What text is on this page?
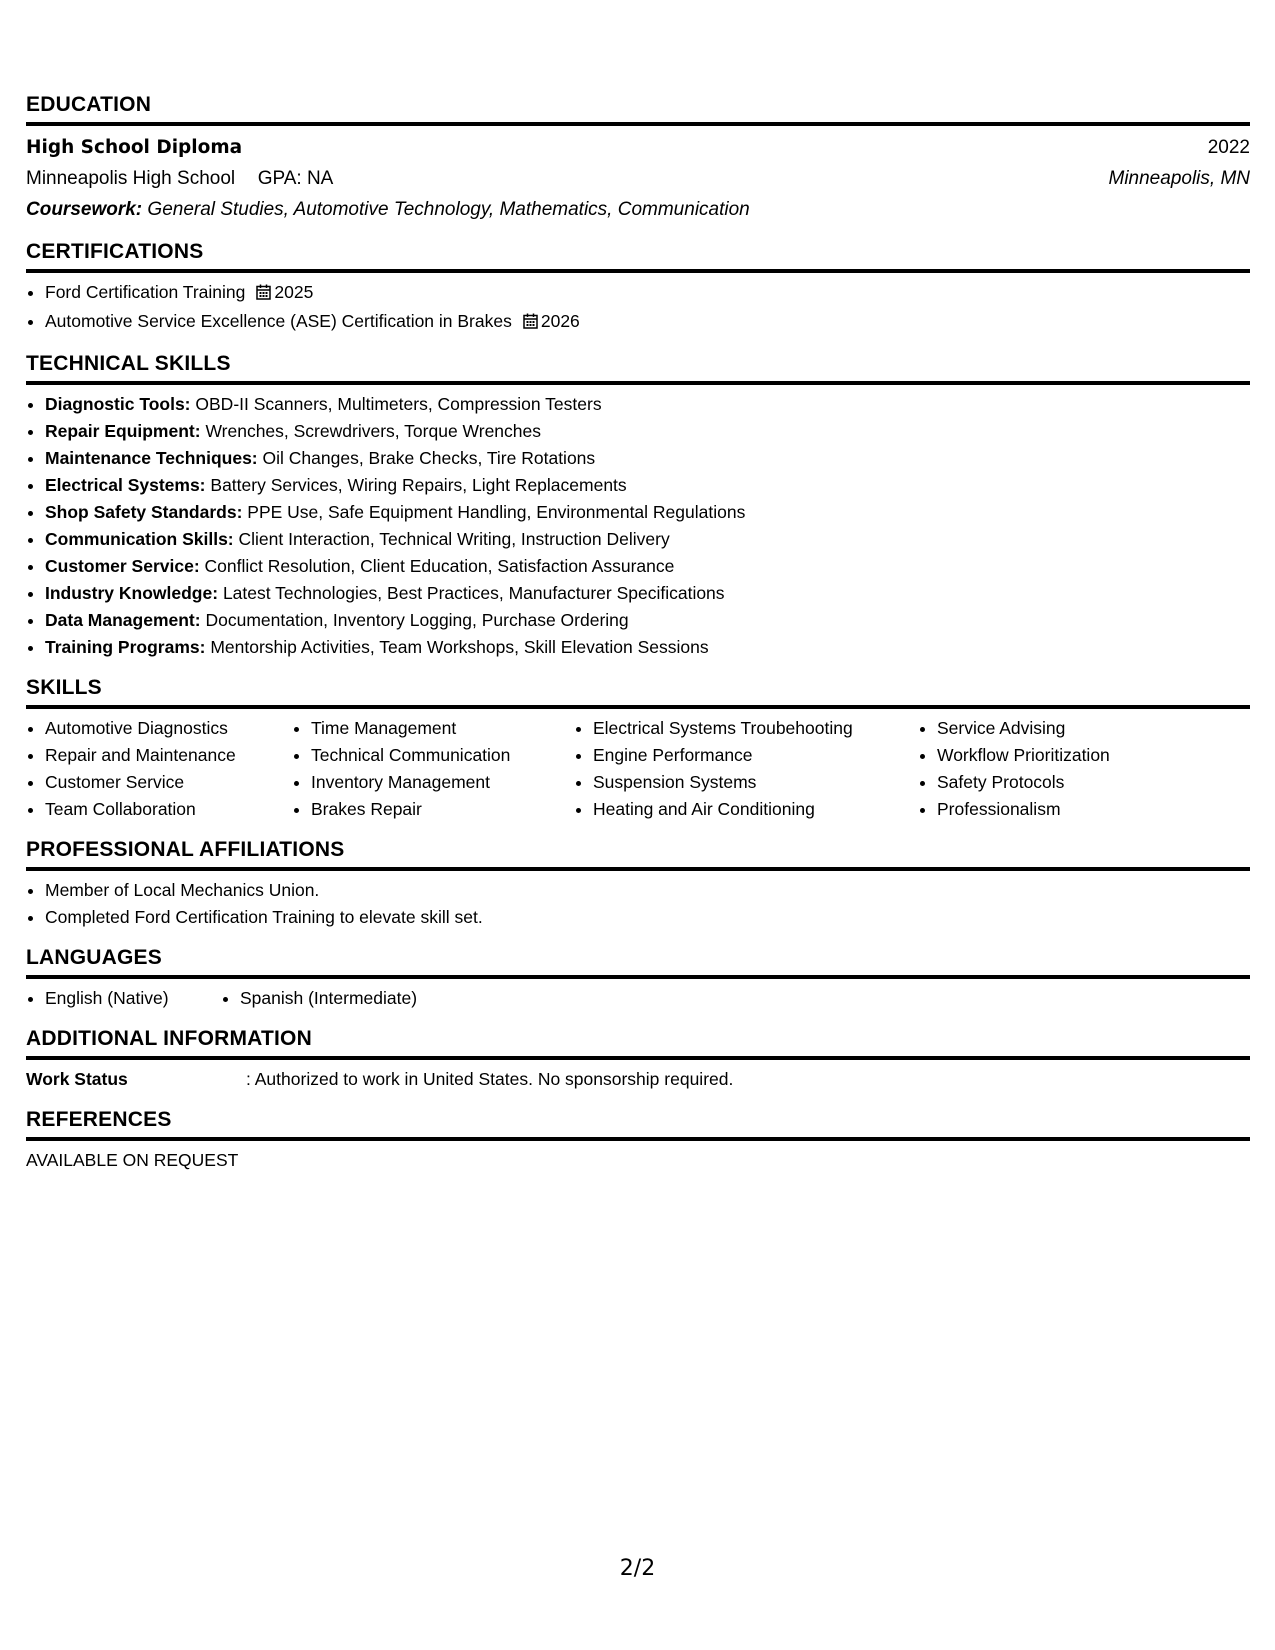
EDUCATION
High School Diploma	2022
Minneapolis High School GPA: NA	Minneapolis, MN
Coursework: General Studies, Automotive Technology, Mathematics, Communication
CERTIFICATIONS
• Ford Certification Training 2025
• Automotive Service Excellence (ASE) Certification in Brakes 2026
TECHNICAL SKILLS
• Diagnostic Tools: OBD-II Scanners, Multimeters, Compression Testers
• Repair Equipment: Wrenches, Screwdrivers, Torque Wrenches
• Maintenance Techniques: Oil Changes, Brake Checks, Tire Rotations
• Electrical Systems: Battery Services, Wiring Repairs, Light Replacements
• Shop Safety Standards: PPE Use, Safe Equipment Handling, Environmental Regulations
• Communication Skills: Client Interaction, Technical Writing, Instruction Delivery
• Customer Service: Conflict Resolution, Client Education, Satisfaction Assurance
• Industry Knowledge: Latest Technologies, Best Practices, Manufacturer Specifications
• Data Management: Documentation, Inventory Logging, Purchase Ordering
• Training Programs: Mentorship Activities, Team Workshops, Skill Elevation Sessions
SKILLS
• Automotive Diagnostics
• Repair and Maintenance
• Customer Service
• Team Collaboration
• Time Management
• Technical Communication
• Inventory Management
• Brakes Repair
• Electrical Systems Troubehooting
• Engine Performance
• Suspension Systems
• Heating and Air Conditioning
• Service Advising
• Workflow Prioritization
• Safety Protocols
• Professionalism
PROFESSIONAL AFFILIATIONS
• Member of Local Mechanics Union.
• Completed Ford Certification Training to elevate skill set.
LANGUAGES
• English (Native)
•	Spanish (Intermediate)
ADDITIONAL INFORMATION
Work Status	: Authorized to work in United States. No sponsorship required.
REFERENCES
AVAILABLE ON REQUEST
2/2
